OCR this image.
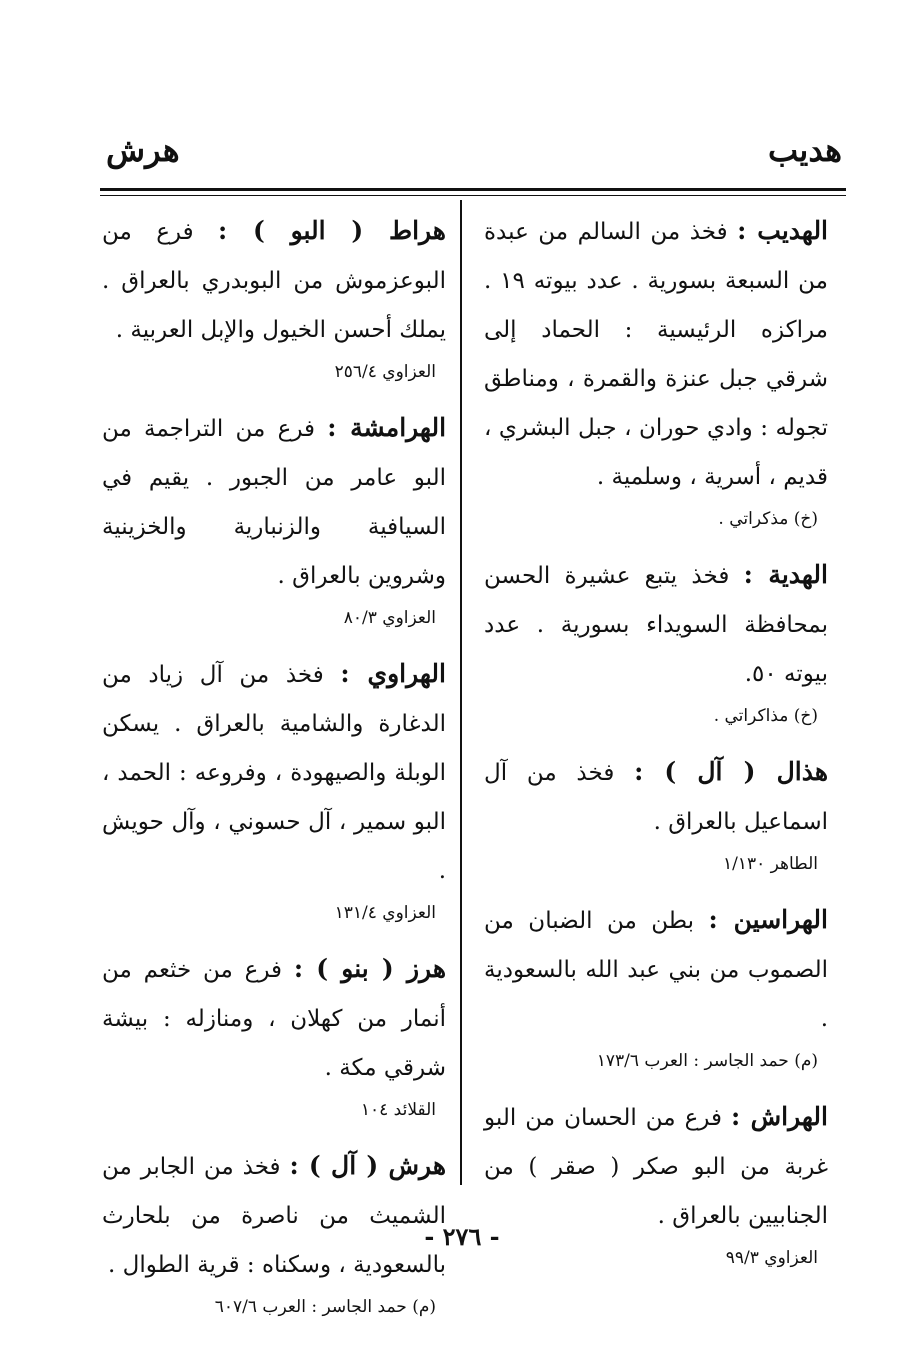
هديب
هرش
الهديب : فخذ من السالم من عبدة من السبعة بسورية . عدد بيوته ١٩ . مراكزه الرئيسية : الحماد إلى شرقي جبل عنزة والقمرة ، ومناطق تجوله : وادي حوران ، جبل البشري ، قديم ، أسرية ، وسلمية .
(خ) مذكراتي .
الهدية : فخذ يتبع عشيرة الحسن بمحافظة السويداء بسورية . عدد بيوته ٥٠.
(خ) مذاكراتي .
هذال ( آل ) : فخذ من آل اسماعيل بالعراق .
الطاهر ١/١٣٠
الهراسين : بطن من الضبان من الصموب من بني عبد الله بالسعودية .
(م) حمد الجاسر : العرب ١٧٣/٦
الهراش : فرع من الحسان من البو غربة من البو صكر ( صقر ) من الجنابيين بالعراق .
العزاوي ٩٩/٣
هراط ( البو ) : فرع من البوعزموش من البوبدري بالعراق . يملك أحسن الخيول والإبل العربية .
العزاوي ٢٥٦/٤
الهرامشة : فرع من التراجمة من البو عامر من الجبور . يقيم في السيافية والزنبارية والخزينية وشروين بالعراق .
العزاوي ٨٠/٣
الهراوي : فخذ من آل زياد من الدغارة والشامية بالعراق . يسكن الوبلة والصيهودة ، وفروعه : الحمد ، البو سمير ، آل حسوني ، وآل حويش .
العزاوي ١٣١/٤
هرز ( بنو ) : فرع من خثعم من أنمار من كهلان ، ومنازله : بيشة شرقي مكة .
القلائد ١٠٤
هرش ( آل ) : فخذ من الجابر من الشميث من ناصرة من بلحارث بالسعودية ، وسكناه : قرية الطوال .
(م) حمد الجاسر : العرب ٦٠٧/٦
- ٢٧٦ -
